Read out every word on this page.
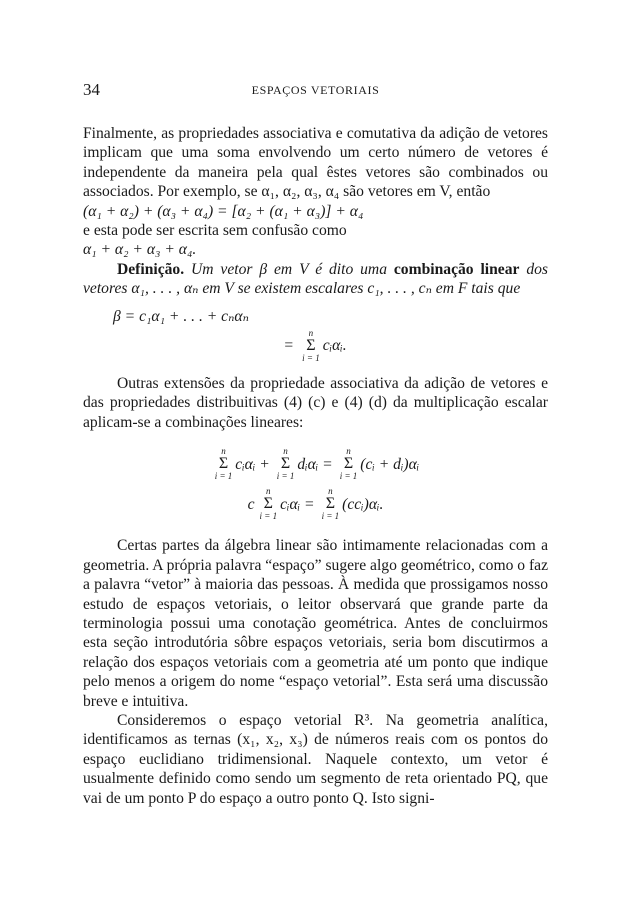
34	ESPAÇOS VETORIAIS

Finalmente, as propriedades associativa e comutativa da adição de vetores implicam que uma soma envolvendo um certo número de vetores é independente da maneira pela qual êstes vetores são combinados ou associados. Por exemplo, se α₁, α₂, α₃, α₄ são vetores em V, então

(α₁ + α₂) + (α₃ + α₄) = [α₂ + (α₁ + α₃)] + α₄

e esta pode ser escrita sem confusão como

α₁ + α₂ + α₃ + α₄.

Definição. Um vetor β em V é dito uma combinação linear dos vetores α₁, . . . , αₙ em V se existem escalares c₁, . . . , cₙ em F tais que

β = c₁α₁ + . . . + cₙαₙ

=
n
Σ
i = 1
cᵢαᵢ.

Outras extensões da propriedade associativa da adição de vetores e das propriedades distribuitivas (4) (c) e (4) (d) da multiplicação escalar aplicam-se a combinações lineares:

n
Σ
i = 1
cᵢαᵢ +
n
Σ
i = 1
dᵢαᵢ =
n
Σ
i = 1
(cᵢ + dᵢ)αᵢ
c
n
Σ
i = 1
cᵢαᵢ =
n
Σ
i = 1
(ccᵢ)αᵢ.

Certas partes da álgebra linear são intimamente relacionadas com a geometria. A própria palavra “espaço” sugere algo geométrico, como o faz a palavra “vetor” à maioria das pessoas. À medida que prossigamos nosso estudo de espaços vetoriais, o leitor observará que grande parte da terminologia possui uma conotação geométrica. Antes de concluirmos esta seção introdutória sôbre espaços vetoriais, seria bom discutirmos a relação dos espaços vetoriais com a geometria até um ponto que indique pelo menos a origem do nome “espaço vetorial”. Esta será uma discussão breve e intuitiva.

Consideremos o espaço vetorial R³. Na geometria analítica, identificamos as ternas (x₁, x₂, x₃) de números reais com os pontos do espaço euclidiano tridimensional. Naquele contexto, um vetor é usualmente definido como sendo um segmento de reta orientado PQ, que vai de um ponto P do espaço a outro ponto Q. Isto signi-
